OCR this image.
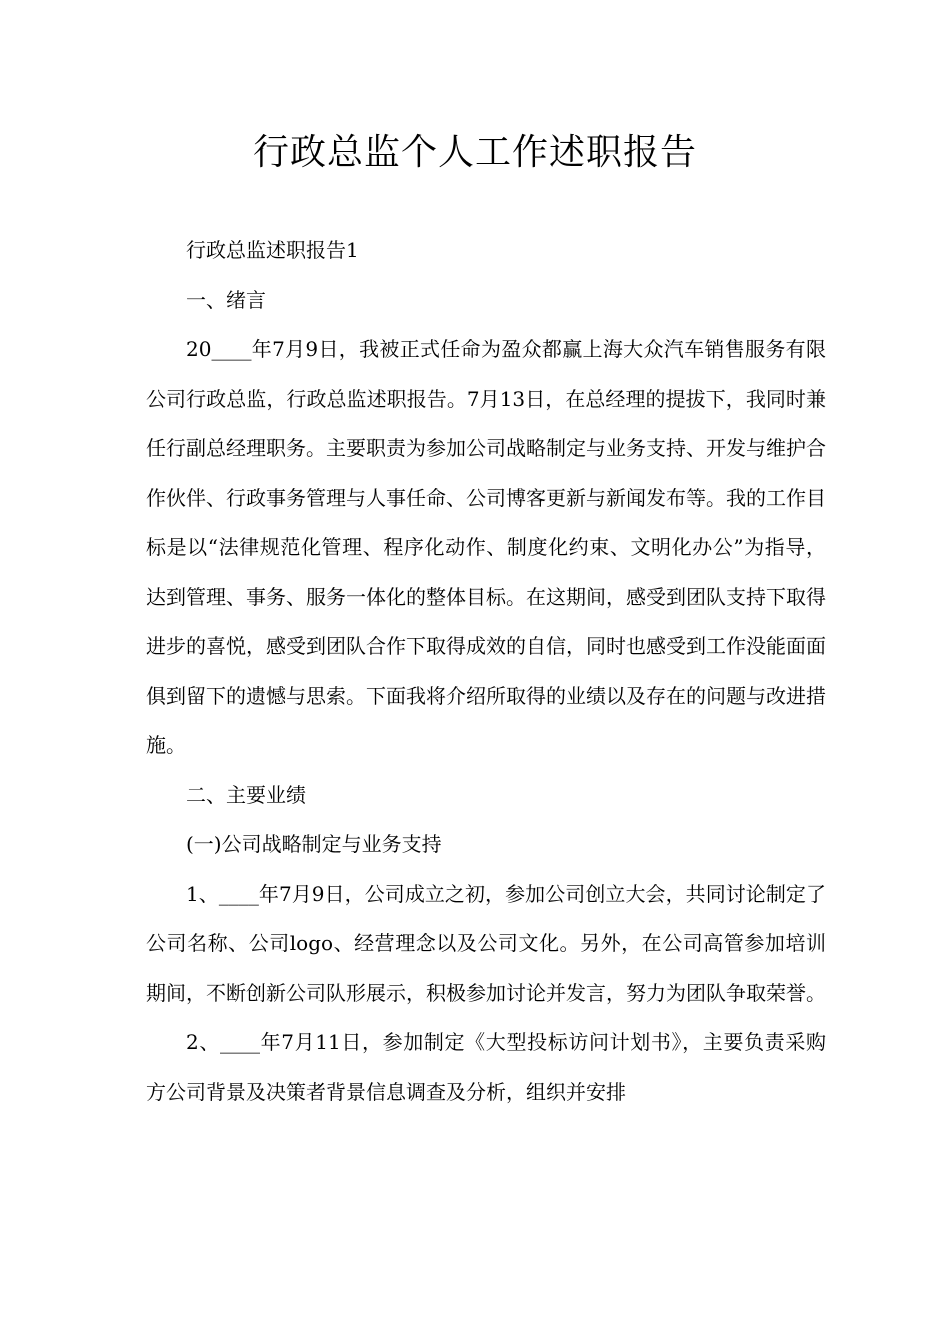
行政总监个人工作述职报告

行政总监述职报告1

一、绪言

20____年7月9日，我被正式任命为盈众都赢上海大众汽车销售服务有限公司行政总监，行政总监述职报告。7月13日，在总经理的提拔下，我同时兼任行副总经理职务。主要职责为参加公司战略制定与业务支持、开发与维护合作伙伴、行政事务管理与人事任命、公司博客更新与新闻发布等。我的工作目标是以“法律规范化管理、程序化动作、制度化约束、文明化办公”为指导，达到管理、事务、服务一体化的整体目标。在这期间，感受到团队支持下取得进步的喜悦，感受到团队合作下取得成效的自信，同时也感受到工作没能面面俱到留下的遗憾与思索。下面我将介绍所取得的业绩以及存在的问题与改进措施。

二、主要业绩

(一)公司战略制定与业务支持

1、____年7月9日，公司成立之初，参加公司创立大会，共同讨论制定了公司名称、公司logo、经营理念以及公司文化。另外，在公司高管参加培训期间，不断创新公司队形展示，积极参加讨论并发言，努力为团队争取荣誉。

2、____年7月11日，参加制定《大型投标访问计划书》，主要负责采购方公司背景及决策者背景信息调查及分析，组织并安排
